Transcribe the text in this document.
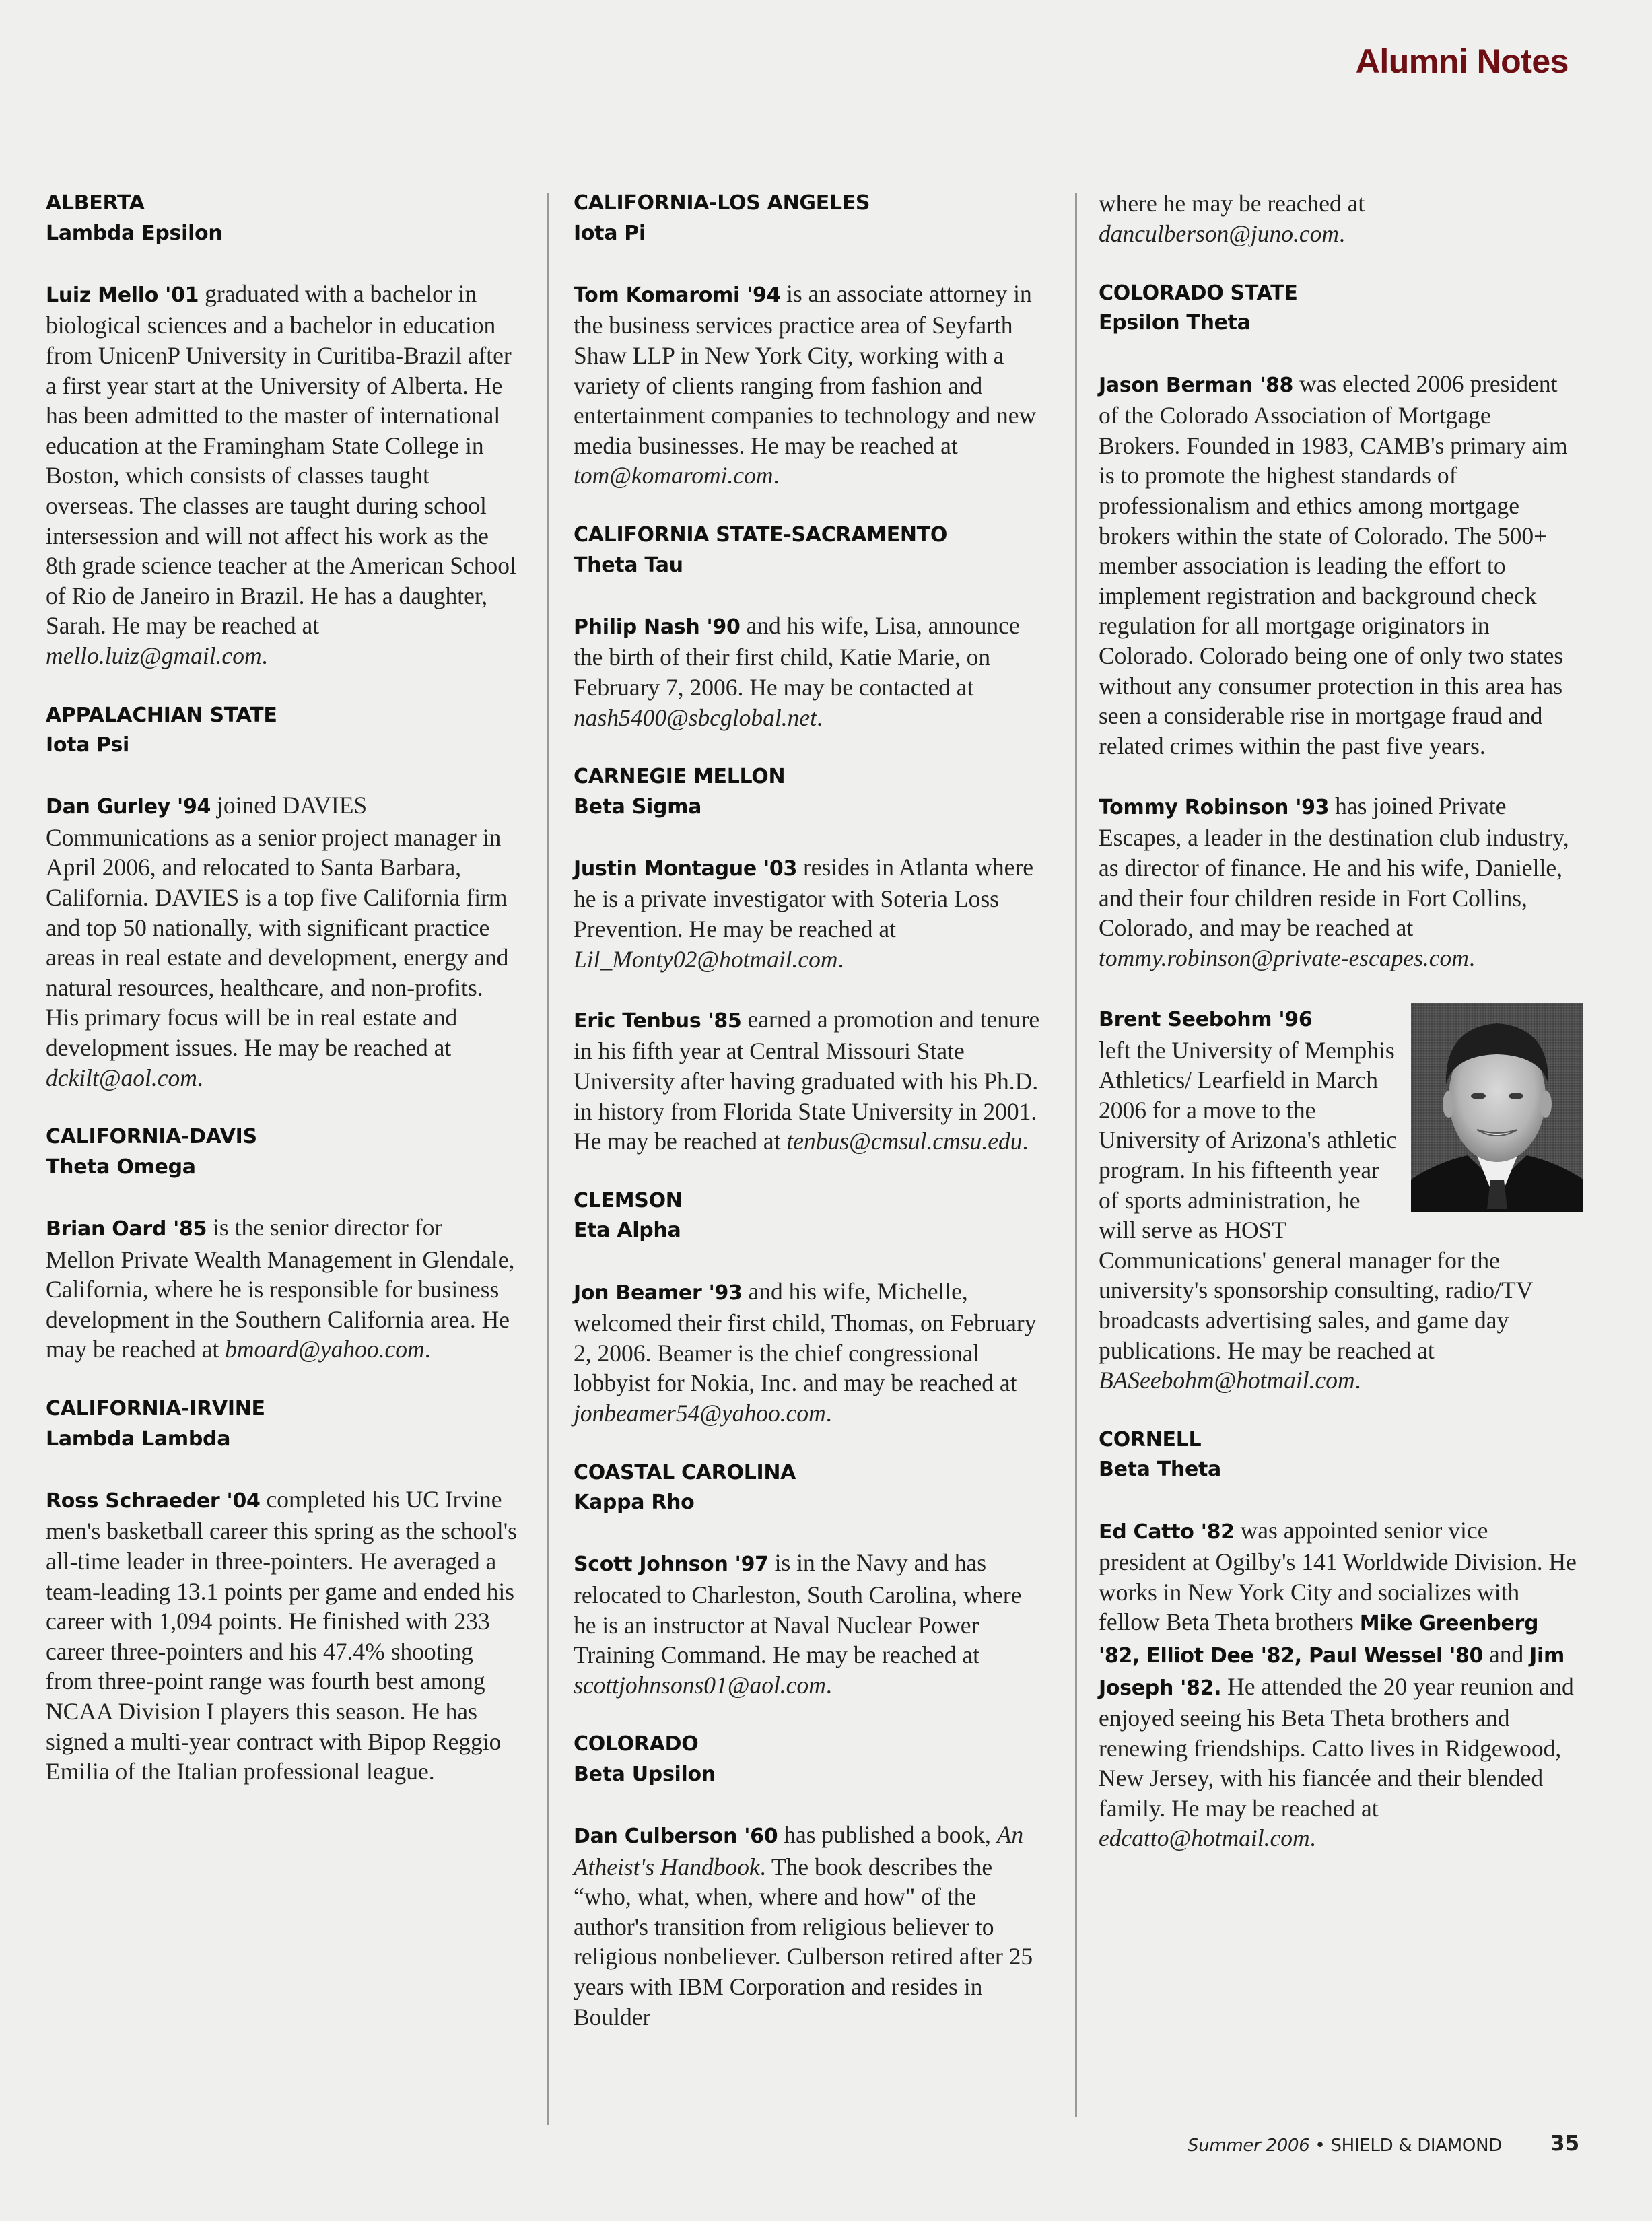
Alumni Notes

ALBERTA

Lambda Epsilon

Luiz Mello '01 graduated with a bachelor in biological sciences and a bachelor in education from UnicenP University in Curitiba-Brazil after a first year start at the University of Alberta. He has been admitted to the master of international education at the Framingham State College in Boston, which consists of classes taught overseas. The classes are taught during school intersession and will not affect his work as the 8th grade science teacher at the American School of Rio de Janeiro in Brazil. He has a daughter, Sarah. He may be reached at mello.luiz@gmail.com.

APPALACHIAN STATE

Iota Psi

Dan Gurley '94 joined DAVIES Communications as a senior project manager in April 2006, and relocated to Santa Barbara, California. DAVIES is a top five California firm and top 50 nationally, with significant practice areas in real estate and development, energy and natural resources, healthcare, and non-profits. His primary focus will be in real estate and development issues. He may be reached at dckilt@aol.com.

CALIFORNIA-DAVIS

Theta Omega

Brian Oard '85 is the senior director for Mellon Private Wealth Management in Glendale, California, where he is responsible for business development in the Southern California area. He may be reached at bmoard@yahoo.com.

CALIFORNIA-IRVINE

Lambda Lambda

Ross Schraeder '04 completed his UC Irvine men's basketball career this spring as the school's all-time leader in three-pointers. He averaged a team-leading 13.1 points per game and ended his career with 1,094 points. He finished with 233 career three-pointers and his 47.4% shooting from three-point range was fourth best among NCAA Division I players this season. He has signed a multi-year contract with Bipop Reggio Emilia of the Italian professional league.

CALIFORNIA-LOS ANGELES

Iota Pi

Tom Komaromi '94 is an associate attorney in the business services practice area of Seyfarth Shaw LLP in New York City, working with a variety of clients ranging from fashion and entertainment companies to technology and new media businesses. He may be reached at tom@komaromi.com.

CALIFORNIA STATE-SACRAMENTO

Theta Tau

Philip Nash '90 and his wife, Lisa, announce the birth of their first child, Katie Marie, on February 7, 2006. He may be contacted at nash5400@sbcglobal.net.

CARNEGIE MELLON

Beta Sigma

Justin Montague '03 resides in Atlanta where he is a private investigator with Soteria Loss Prevention. He may be reached at Lil_Monty02@hotmail.com.

Eric Tenbus '85 earned a promotion and tenure in his fifth year at Central Missouri State University after having graduated with his Ph.D. in history from Florida State University in 2001. He may be reached at tenbus@cmsul.cmsu.edu.

CLEMSON

Eta Alpha

Jon Beamer '93 and his wife, Michelle, welcomed their first child, Thomas, on February 2, 2006. Beamer is the chief congressional lobbyist for Nokia, Inc. and may be reached at jonbeamer54@yahoo.com.

COASTAL CAROLINA

Kappa Rho

Scott Johnson '97 is in the Navy and has relocated to Charleston, South Carolina, where he is an instructor at Naval Nuclear Power Training Command. He may be reached at scottjohnsons01@aol.com.

COLORADO

Beta Upsilon

Dan Culberson '60 has published a book, An Atheist's Handbook. The book describes the “who, what, when, where and how" of the author's transition from religious believer to religious nonbeliever. Culberson retired after 25 years with IBM Corporation and resides in Boulder

where he may be reached at danculberson@juno.com.

COLORADO STATE

Epsilon Theta

Jason Berman '88 was elected 2006 president of the Colorado Association of Mortgage Brokers. Founded in 1983, CAMB's primary aim is to promote the highest standards of professionalism and ethics among mortgage brokers within the state of Colorado. The 500+ member association is leading the effort to implement registration and background check regulation for all mortgage originators in Colorado. Colorado being one of only two states without any consumer protection in this area has seen a considerable rise in mortgage fraud and related crimes within the past five years.

Tommy Robinson '93 has joined Private Escapes, a leader in the destination club industry, as director of finance. He and his wife, Danielle, and their four children reside in Fort Collins, Colorado, and may be reached at tommy.robinson@private-escapes.com.

Brent Seebohm '96
left the University of Memphis Athletics/ Learfield in March 2006 for a move to the University of Arizona's athletic program. In his fifteenth year of sports administration, he will serve as HOST Communications' general manager for the university's sponsorship consulting, radio/TV broadcasts advertising sales, and game day publications. He may be reached at BASeebohm@hotmail.com.

CORNELL

Beta Theta

Ed Catto '82 was appointed senior vice president at Ogilby's 141 Worldwide Division. He works in New York City and socializes with fellow Beta Theta brothers Mike Greenberg '82, Elliot Dee '82, Paul Wessel '80 and Jim Joseph '82. He attended the 20 year reunion and enjoyed seeing his Beta Theta brothers and renewing friendships. Catto lives in Ridgewood, New Jersey, with his fiancée and their blended family. He may be reached at edcatto@hotmail.com.

Summer 2006 • SHIELD & DIAMOND 35
